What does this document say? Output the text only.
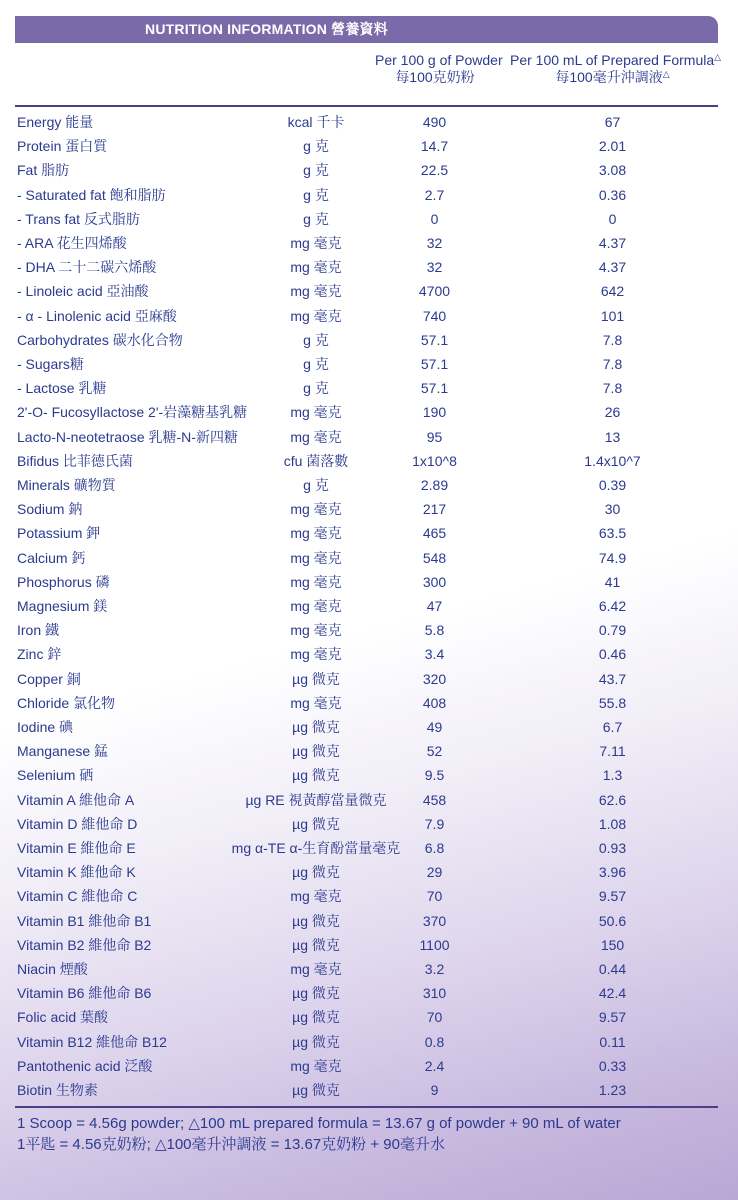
NUTRITION INFORMATION 營養資料
Per 100 g of Powder
每100克奶粉
Per 100 mL of Prepared Formula△
每100毫升沖調液△
Energy 能量	kcal 千卡	490	67
Protein 蛋白質	g 克	14.7	2.01
Fat 脂肪	g 克	22.5	3.08
- Saturated fat 飽和脂肪	g 克	2.7	0.36
- Trans fat 反式脂肪	g 克	0	0
- ARA 花生四烯酸	mg 毫克	32	4.37
- DHA 二十二碳六烯酸	mg 毫克	32	4.37
- Linoleic acid 亞油酸	mg 毫克	4700	642
- α - Linolenic acid 亞麻酸	mg 毫克	740	101
Carbohydrates 碳水化合物	g 克	57.1	7.8
- Sugars糖	g 克	57.1	7.8
- Lactose 乳糖	g 克	57.1	7.8
2'-O- Fucosyllactose 2'-岩藻糖基乳糖	mg 毫克	190	26
Lacto-N-neotetraose 乳糖-N-新四糖	mg 毫克	95	13
Bifidus 比菲德氏菌	cfu 菌落數	1x10^8	1.4x10^7
Minerals 礦物質	g 克	2.89	0.39
Sodium 鈉	mg 毫克	217	30
Potassium 鉀	mg 毫克	465	63.5
Calcium 鈣	mg 毫克	548	74.9
Phosphorus 磷	mg 毫克	300	41
Magnesium 鎂	mg 毫克	47	6.42
Iron 鐵	mg 毫克	5.8	0.79
Zinc 鋅	mg 毫克	3.4	0.46
Copper 銅	µg 微克	320	43.7
Chloride 氯化物	mg 毫克	408	55.8
Iodine 碘	µg 微克	49	6.7
Manganese 錳	µg 微克	52	7.11
Selenium 硒	µg 微克	9.5	1.3
Vitamin A 維他命 A	µg RE 視黃醇當量微克	458	62.6
Vitamin D 維他命 D	µg 微克	7.9	1.08
Vitamin E 維他命 E	mg α-TE α-生育酚當量毫克	6.8	0.93
Vitamin K 維他命 K	µg 微克	29	3.96
Vitamin C 維他命 C	mg 毫克	70	9.57
Vitamin B1 維他命 B1	µg 微克	370	50.6
Vitamin B2 維他命 B2	µg 微克	1100	150
Niacin 煙酸	mg 毫克	3.2	0.44
Vitamin B6 維他命 B6	µg 微克	310	42.4
Folic acid 葉酸	µg 微克	70	9.57
Vitamin B12 維他命 B12	µg 微克	0.8	0.11
Pantothenic acid 泛酸	mg 毫克	2.4	0.33
Biotin 生物素	µg 微克	9	1.23
1 Scoop = 4.56g powder; △100 mL prepared formula = 13.67 g of powder + 90 mL of water
1平匙 = 4.56克奶粉; △100毫升沖調液 = 13.67克奶粉 + 90毫升水
